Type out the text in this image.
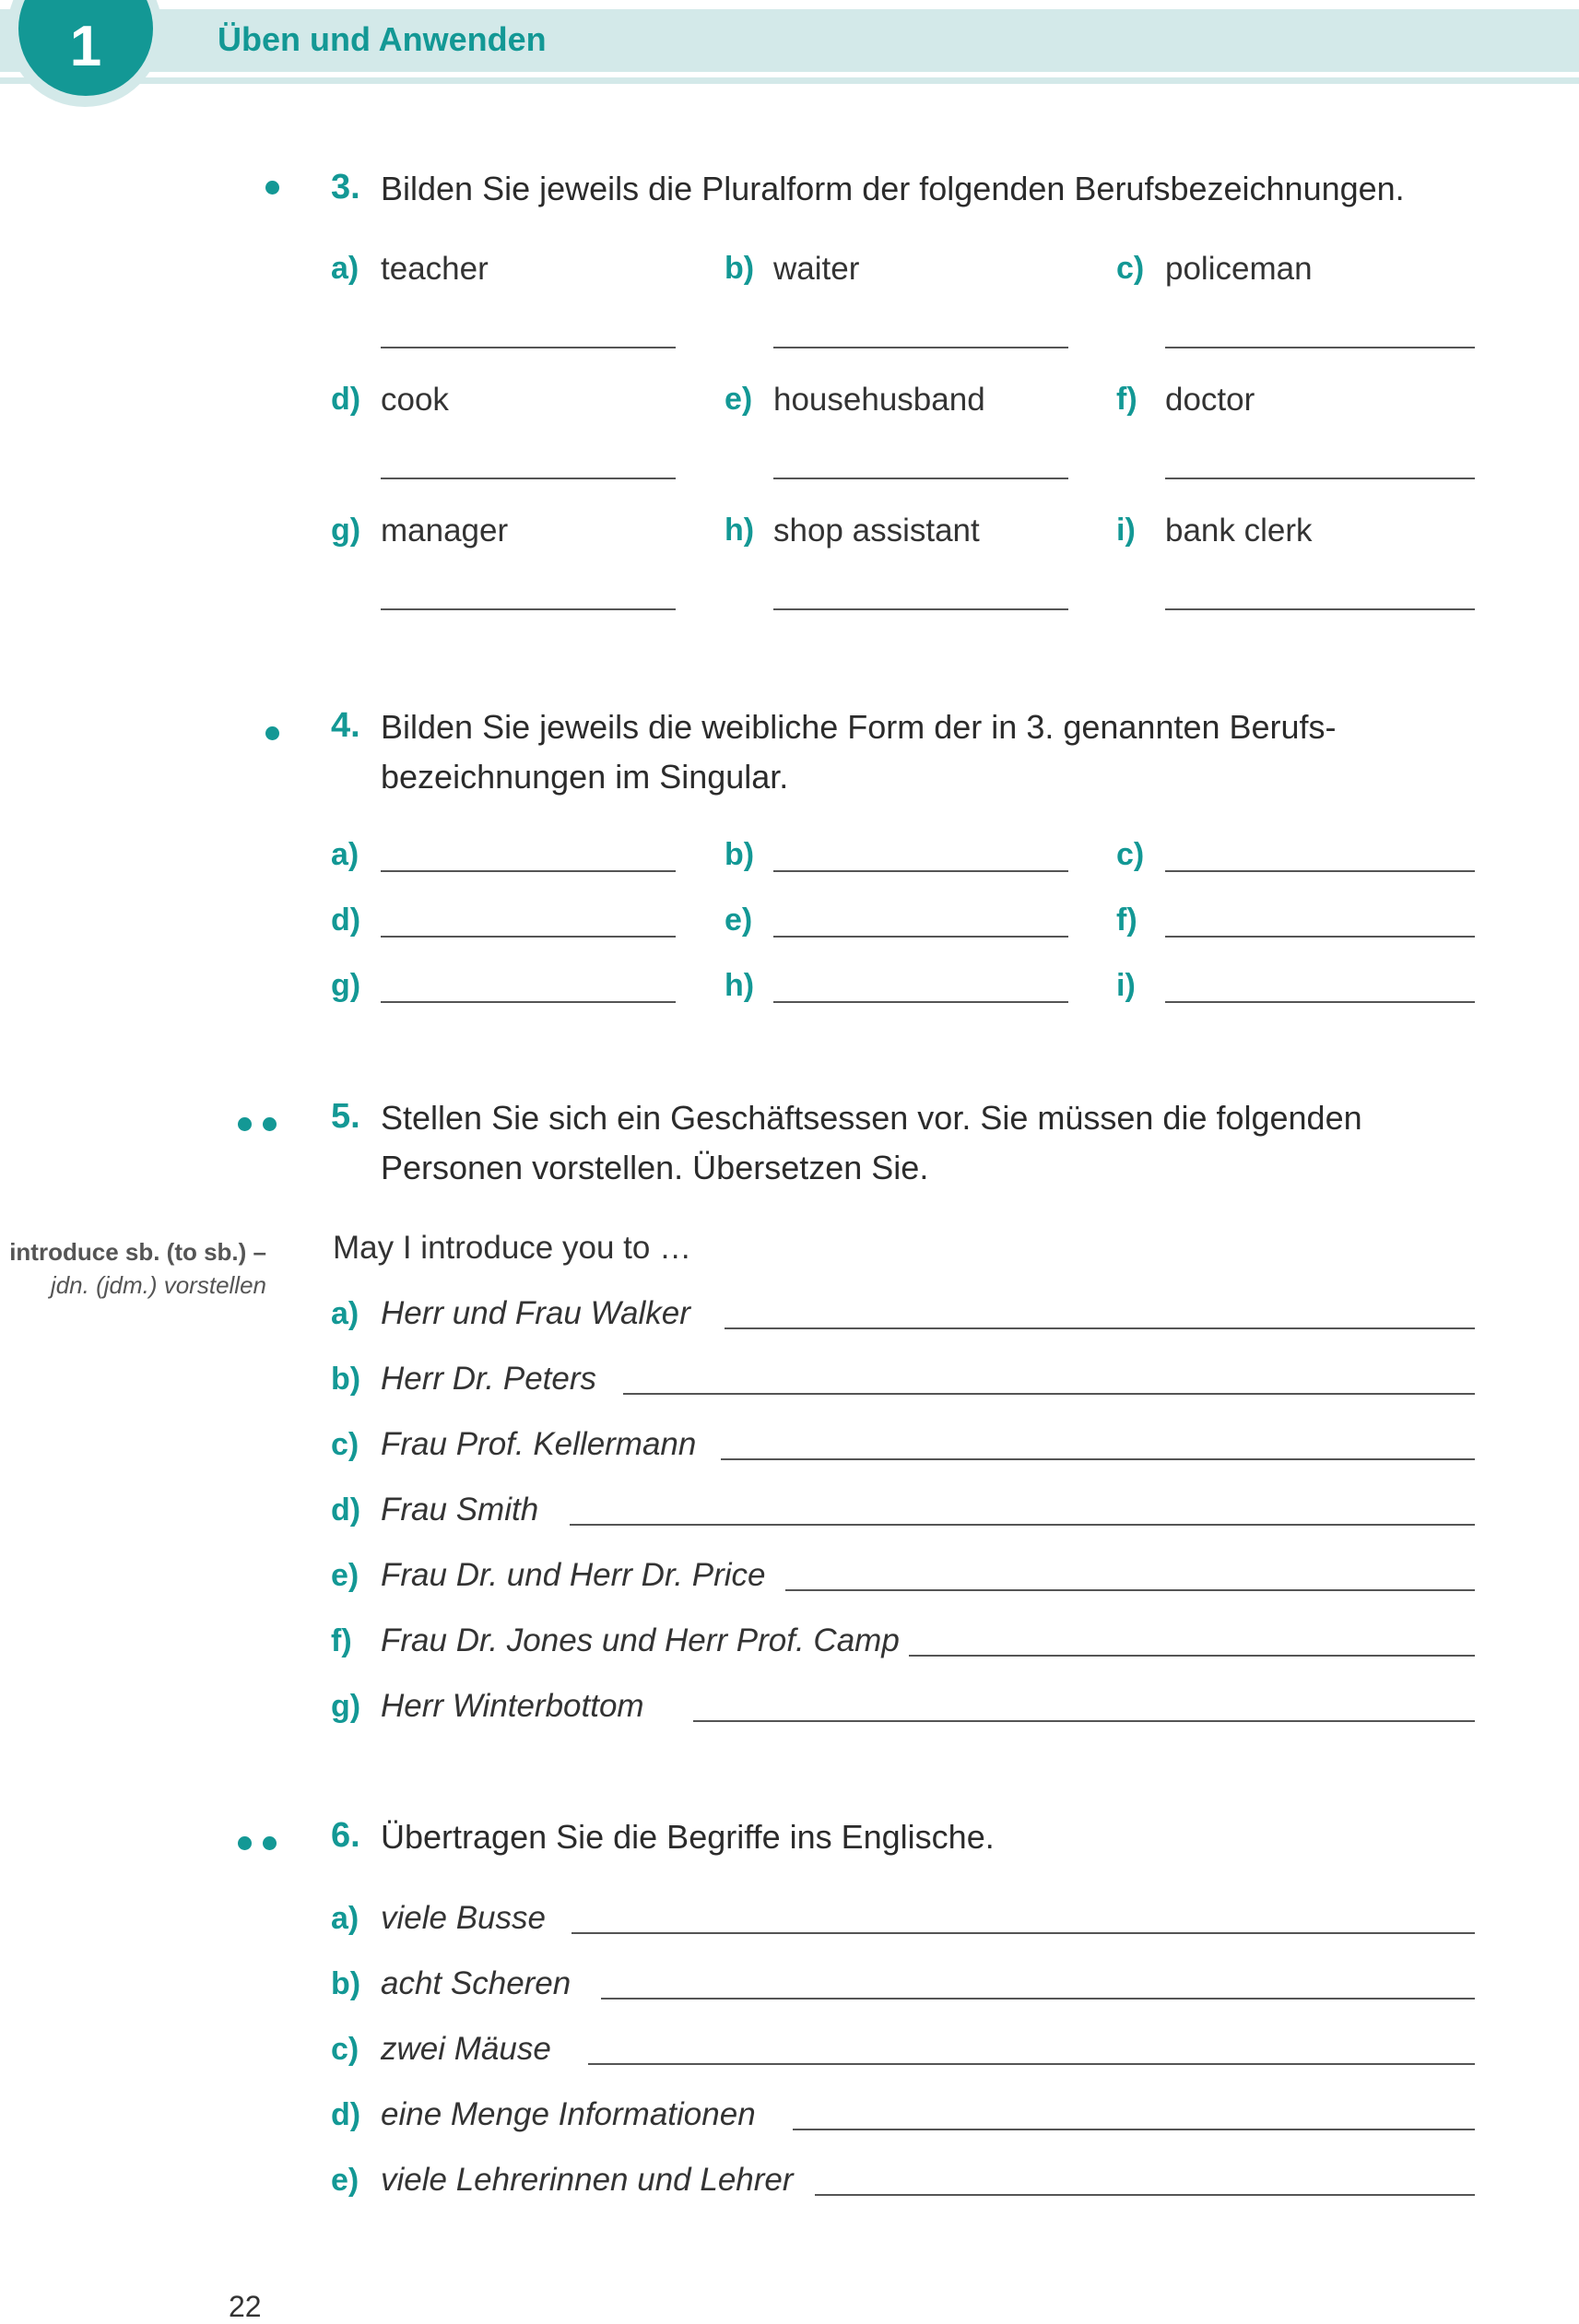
1	Üben und Anwenden
3. Bilden Sie jeweils die Pluralform der folgenden Berufsbezeichnungen.
a) teacher	b) waiter	c) policeman
d) cook	e) househusband	f) doctor
g) manager	h) shop assistant	i) bank clerk
4. Bilden Sie jeweils die weibliche Form der in 3. genannten Berufs-
bezeichnungen im Singular.
a)	b)	c)
d)	e)	f)
g)	h)	i)
5. Stellen Sie sich ein Geschäftsessen vor. Sie müssen die folgenden
Personen vorstellen. Übersetzen Sie.
introduce sb. (to sb.) –
jdn. (jdm.) vorstellen
May I introduce you to …
a) Herr und Frau Walker
b) Herr Dr. Peters
c) Frau Prof. Kellermann
d) Frau Smith
e) Frau Dr. und Herr Dr. Price
f) Frau Dr. Jones und Herr Prof. Camp
g) Herr Winterbottom
6. Übertragen Sie die Begriffe ins Englische.
a) viele Busse
b) acht Scheren
c) zwei Mäuse
d) eine Menge Informationen
e) viele Lehrerinnen und Lehrer
22
